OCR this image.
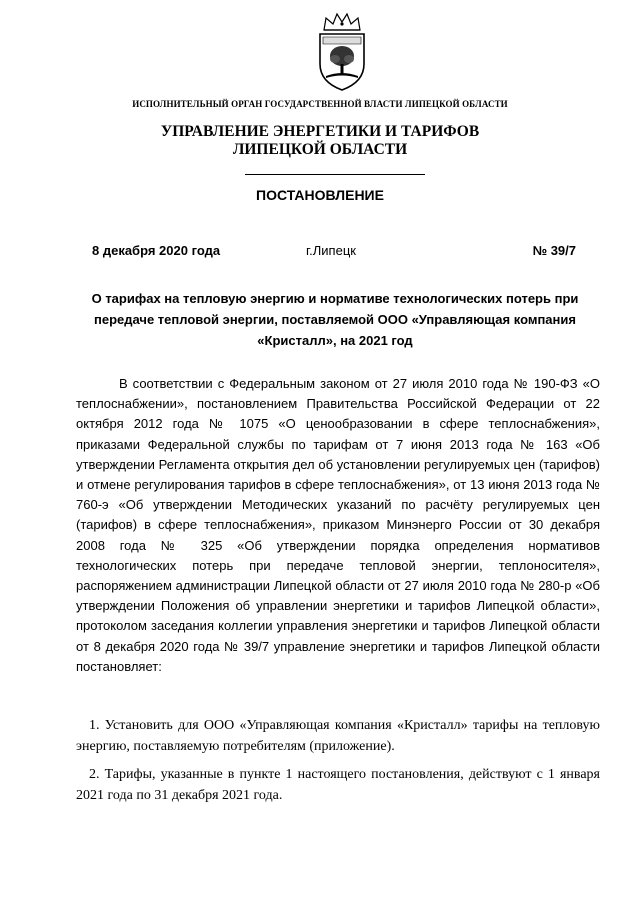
ИСПОЛНИТЕЛЬНЫЙ ОРГАН ГОСУДАРСТВЕННОЙ ВЛАСТИ ЛИПЕЦКОЙ ОБЛАСТИ
УПРАВЛЕНИЕ ЭНЕРГЕТИКИ И ТАРИФОВ
ЛИПЕЦКОЙ ОБЛАСТИ
ПОСТАНОВЛЕНИЕ
8 декабря 2020 года	г.Липецк	№ 39/7
О тарифах на тепловую энергию и нормативе технологических потерь при передаче тепловой энергии, поставляемой ООО «Управляющая компания «Кристалл», на 2021 год

В соответствии с Федеральным законом от 27 июля 2010 года № 190-ФЗ «О теплоснабжении», постановлением Правительства Российской Федерации от 22 октября 2012 года № 1075 «О ценообразовании в сфере теплоснабжения», приказами Федеральной службы по тарифам от 7 июня 2013 года № 163 «Об утверждении Регламента открытия дел об установлении регулируемых цен (тарифов) и отмене регулирования тарифов в сфере теплоснабжения», от 13 июня 2013 года № 760-э «Об утверждении Методических указаний по расчёту регулируемых цен (тарифов) в сфере теплоснабжения», приказом Минэнерго России от 30 декабря 2008 года № 325 «Об утверждении порядка определения нормативов технологических потерь при передаче тепловой энергии, теплоносителя», распоряжением администрации Липецкой области от 27 июля 2010 года № 280-р «Об утверждении Положения об управлении энергетики и тарифов Липецкой области», протоколом заседания коллегии управления энергетики и тарифов Липецкой области от 8 декабря 2020 года № 39/7 управление энергетики и тарифов Липецкой области постановляет:

1. Установить для ООО «Управляющая компания «Кристалл» тарифы на тепловую энергию, поставляемую потребителям (приложение).

2. Тарифы, указанные в пункте 1 настоящего постановления, действуют с 1 января 2021 года по 31 декабря 2021 года.
